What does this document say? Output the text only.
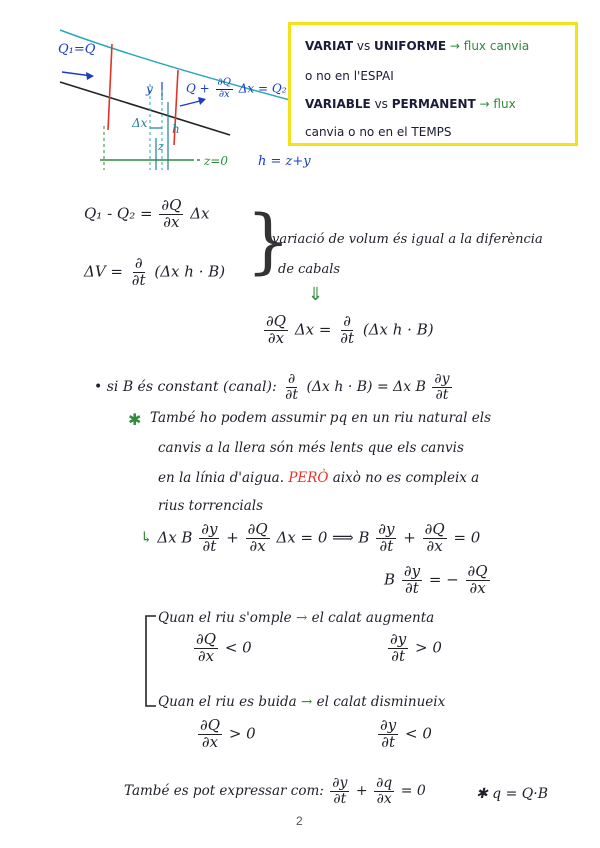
Q₁=Q
$Q + \frac{\partial Q}{\partial x}$ Δx = Q₂
y
Δx h
z
z=0 h = z+y
VARIAT vs UNIFORME → flux canvia
o no en l'ESPAI
VARIABLE vs PERMANENT → flux
canvia o no en el TEMPS
$Q_1 - Q_2 = \frac{\partial Q}{\partial x}$ Δx
$\Delta V = \frac{\partial}{\partial t} (\Delta x$ h · B) }
variació de volum és igual a la diferència
de cabals
⇓
$\frac{\partial Q}{\partial x}$ $\Delta x = \frac{\partial}{\partial t} (\Delta x$ h · B)
• si B és constant (canal): $\frac{\partial}{\partial t} (\Delta x$ h · B) = Δx B $\frac{\partial y}{\partial t}$
✱ També ho podem assumir pq en un riu natural els
canvis a la llera són més lents que els canvis
en la línia d'aigua. PERÒ això no es compleix a
rius torrencials
↳ Δx B $\frac{\partial y}{\partial t} + \frac{\partial Q}{\partial x}$ Δx = 0 ⟹ B $\frac{\partial y}{\partial t} + \frac{\partial Q}{\partial x} = 0$
B $\frac{\partial y}{\partial t}$ = − $\frac{\partial Q}{\partial x}$
Quan el riu s'omple → el calat augmenta
$\frac{\partial Q}{\partial x} < 0$	$\frac{\partial y}{\partial t} > 0$
Quan el riu es buida → el calat disminueix
$\frac{\partial Q}{\partial x} > 0$	$\frac{\partial y}{\partial t} < 0$
També es pot expressar com: $\frac{\partial y}{\partial t} + \frac{\partial q}{\partial x} = 0$	✱ q = Q·B
2
